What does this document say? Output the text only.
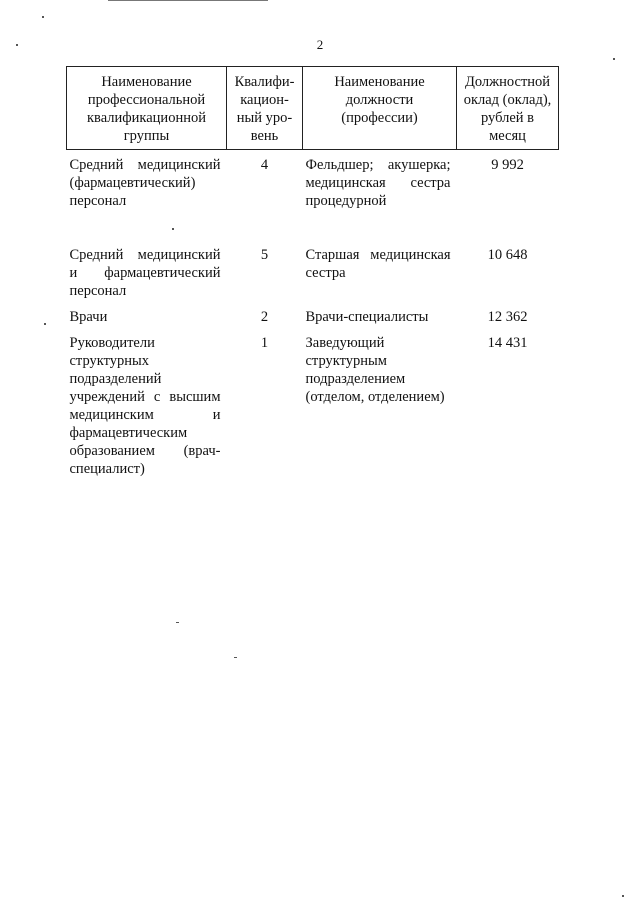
2
Наименование профессиональной квалификационной группы	Квалифи-кацион-ный уро-вень	Наименование должности (профессии)	Должностной оклад (оклад), рублей в месяц
Средний медицинский (фармацевтический) персонал	4	Фельдшер; акушерка; медицинская сестра процедурной	9 992
Средний медицинский и фармацевтический персонал	5	Старшая медицинская сестра	10 648
Врачи	2	Врачи-специалисты	12 362
Руководители структурных подразделений учреждений с высшим медицинским и фармацевтическим образованием (врач-специалист)	1	Заведующий структурным подразделением (отделом, отделением)	14 431
